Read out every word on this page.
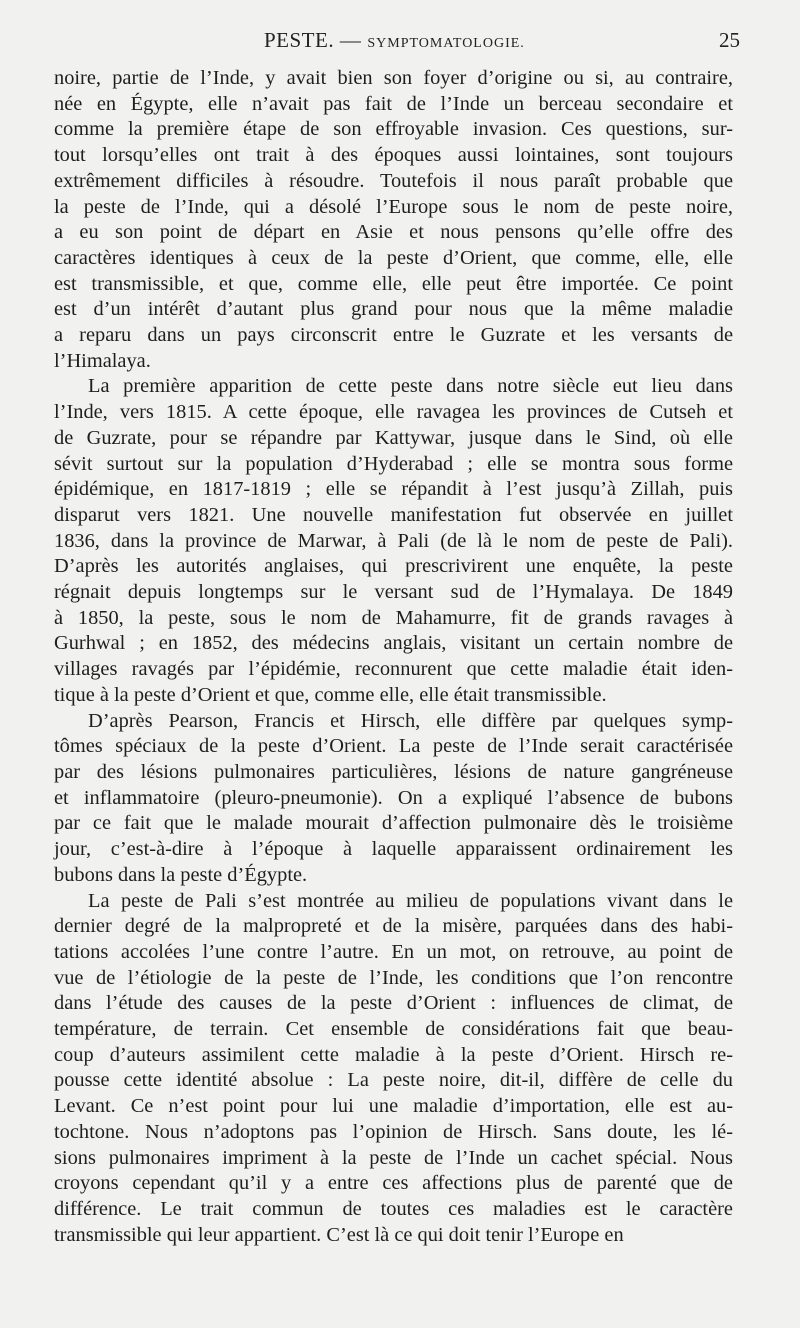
PESTE. — SYMPTOMATOLOGIE.	25

noire, partie de l’Inde, y avait bien son foyer d’origine ou si, au contraire,
née en Égypte, elle n’avait pas fait de l’Inde un berceau secondaire et
comme la première étape de son effroyable invasion. Ces questions, sur-
tout lorsqu’elles ont trait à des époques aussi lointaines, sont toujours
extrêmement difficiles à résoudre. Toutefois il nous paraît probable que
la peste de l’Inde, qui a désolé l’Europe sous le nom de peste noire,
a eu son point de départ en Asie et nous pensons qu’elle offre des
caractères identiques à ceux de la peste d’Orient, que comme, elle, elle
est transmissible, et que, comme elle, elle peut être importée. Ce point
est d’un intérêt d’autant plus grand pour nous que la même maladie
a reparu dans un pays circonscrit entre le Guzrate et les versants de
l’Himalaya.

La première apparition de cette peste dans notre siècle eut lieu dans
l’Inde, vers 1815. A cette époque, elle ravagea les provinces de Cutseh et
de Guzrate, pour se répandre par Kattywar, jusque dans le Sind, où elle
sévit surtout sur la population d’Hyderabad ; elle se montra sous forme
épidémique, en 1817-1819 ; elle se répandit à l’est jusqu’à Zillah, puis
disparut vers 1821. Une nouvelle manifestation fut observée en juillet
1836, dans la province de Marwar, à Pali (de là le nom de peste de Pali).
D’après les autorités anglaises, qui prescrivirent une enquête, la peste
régnait depuis longtemps sur le versant sud de l’Hymalaya. De 1849
à 1850, la peste, sous le nom de Mahamurre, fit de grands ravages à
Gurhwal ; en 1852, des médecins anglais, visitant un certain nombre de
villages ravagés par l’épidémie, reconnurent que cette maladie était iden-
tique à la peste d’Orient et que, comme elle, elle était transmissible.

D’après Pearson, Francis et Hirsch, elle diffère par quelques symp-
tômes spéciaux de la peste d’Orient. La peste de l’Inde serait caractérisée
par des lésions pulmonaires particulières, lésions de nature gangréneuse
et inflammatoire (pleuro-pneumonie). On a expliqué l’absence de bubons
par ce fait que le malade mourait d’affection pulmonaire dès le troisième
jour, c’est-à-dire à l’époque à laquelle apparaissent ordinairement les
bubons dans la peste d’Égypte.

La peste de Pali s’est montrée au milieu de populations vivant dans le
dernier degré de la malpropreté et de la misère, parquées dans des habi-
tations accolées l’une contre l’autre. En un mot, on retrouve, au point de
vue de l’étiologie de la peste de l’Inde, les conditions que l’on rencontre
dans l’étude des causes de la peste d’Orient : influences de climat, de
température, de terrain. Cet ensemble de considérations fait que beau-
coup d’auteurs assimilent cette maladie à la peste d’Orient. Hirsch re-
pousse cette identité absolue : La peste noire, dit-il, diffère de celle du
Levant. Ce n’est point pour lui une maladie d’importation, elle est au-
tochtone. Nous n’adoptons pas l’opinion de Hirsch. Sans doute, les lé-
sions pulmonaires impriment à la peste de l’Inde un cachet spécial. Nous
croyons cependant qu’il y a entre ces affections plus de parenté que de
différence. Le trait commun de toutes ces maladies est le caractère
transmissible qui leur appartient. C’est là ce qui doit tenir l’Europe en
